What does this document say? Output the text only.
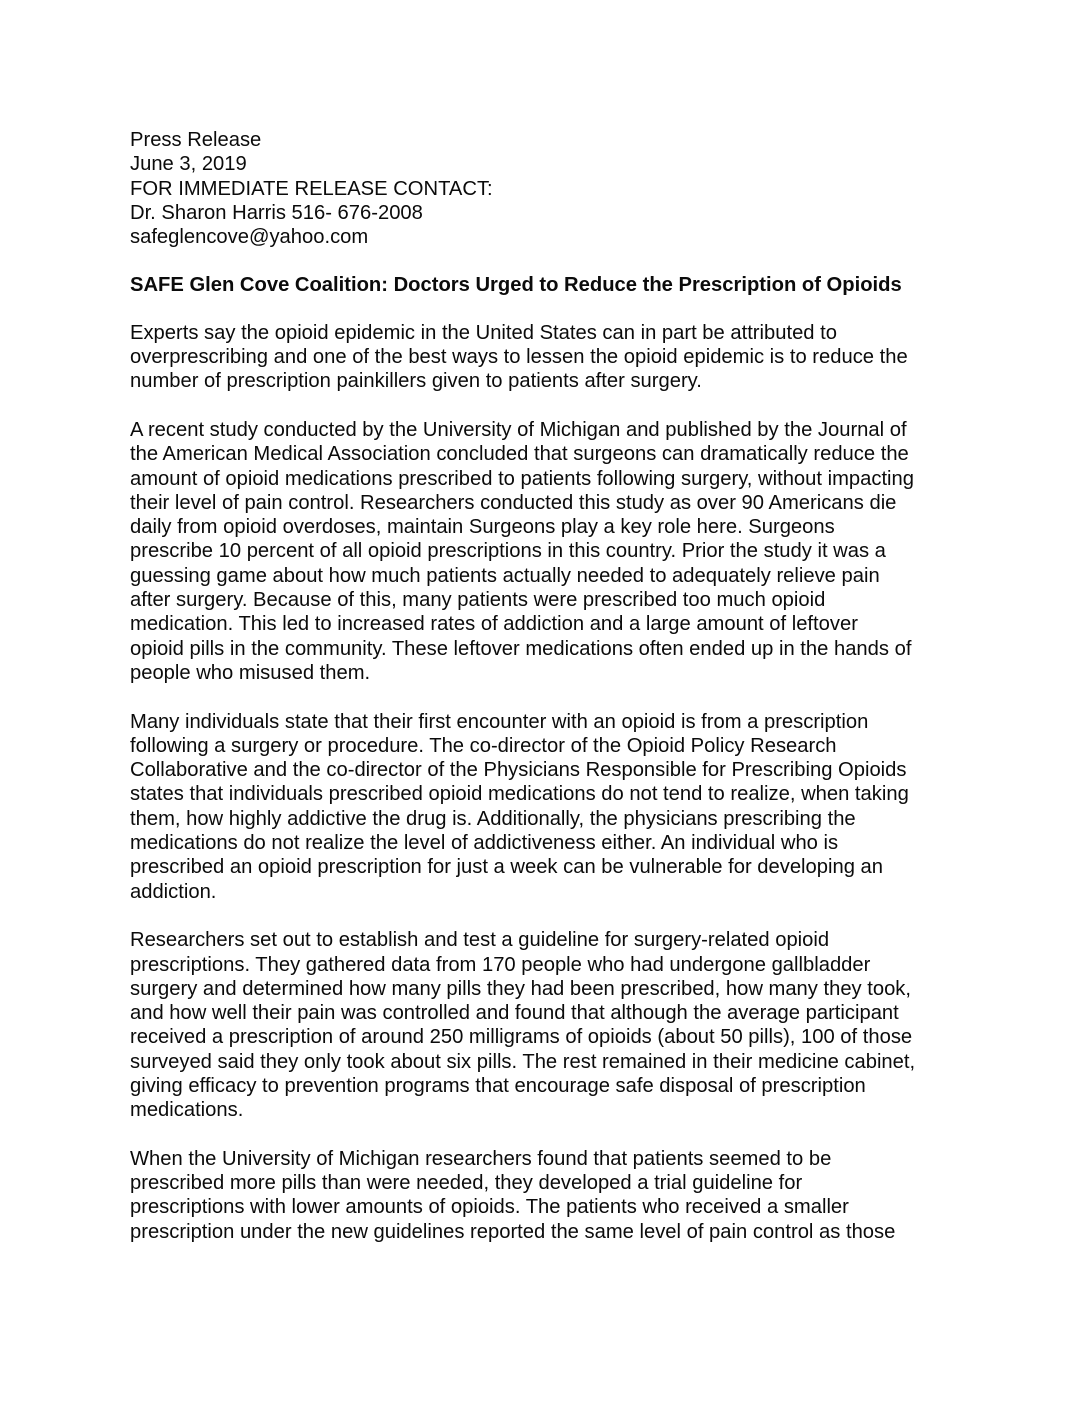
Press Release

June 3, 2019

FOR IMMEDIATE RELEASE CONTACT:

Dr. Sharon Harris 516- 676-2008

safeglencove@yahoo.com

SAFE Glen Cove Coalition: Doctors Urged to Reduce the Prescription of Opioids

Experts say the opioid epidemic in the United States can in part be attributed to
overprescribing and one of the best ways to lessen the opioid epidemic is to reduce the
number of prescription painkillers given to patients after surgery.

A recent study conducted by the University of Michigan and published by the Journal of
the American Medical Association concluded that surgeons can dramatically reduce the
amount of opioid medications prescribed to patients following surgery, without impacting
their level of pain control. Researchers conducted this study as over 90 Americans die
daily from opioid overdoses, maintain Surgeons play a key role here. Surgeons
prescribe 10 percent of all opioid prescriptions in this country. Prior the study it was a
guessing game about how much patients actually needed to adequately relieve pain
after surgery. Because of this, many patients were prescribed too much opioid
medication. This led to increased rates of addiction and a large amount of leftover
opioid pills in the community. These leftover medications often ended up in the hands of
people who misused them.

Many individuals state that their first encounter with an opioid is from a prescription
following a surgery or procedure. The co-director of the Opioid Policy Research
Collaborative and the co-director of the Physicians Responsible for Prescribing Opioids
states that individuals prescribed opioid medications do not tend to realize, when taking
them, how highly addictive the drug is. Additionally, the physicians prescribing the
medications do not realize the level of addictiveness either. An individual who is
prescribed an opioid prescription for just a week can be vulnerable for developing an
addiction.

Researchers set out to establish and test a guideline for surgery-related opioid
prescriptions. They gathered data from 170 people who had undergone gallbladder
surgery and determined how many pills they had been prescribed, how many they took,
and how well their pain was controlled and found that although the average participant
received a prescription of around 250 milligrams of opioids (about 50 pills), 100 of those
surveyed said they only took about six pills. The rest remained in their medicine cabinet,
giving efficacy to prevention programs that encourage safe disposal of prescription
medications.

When the University of Michigan researchers found that patients seemed to be
prescribed more pills than were needed, they developed a trial guideline for
prescriptions with lower amounts of opioids. The patients who received a smaller
prescription under the new guidelines reported the same level of pain control as those
